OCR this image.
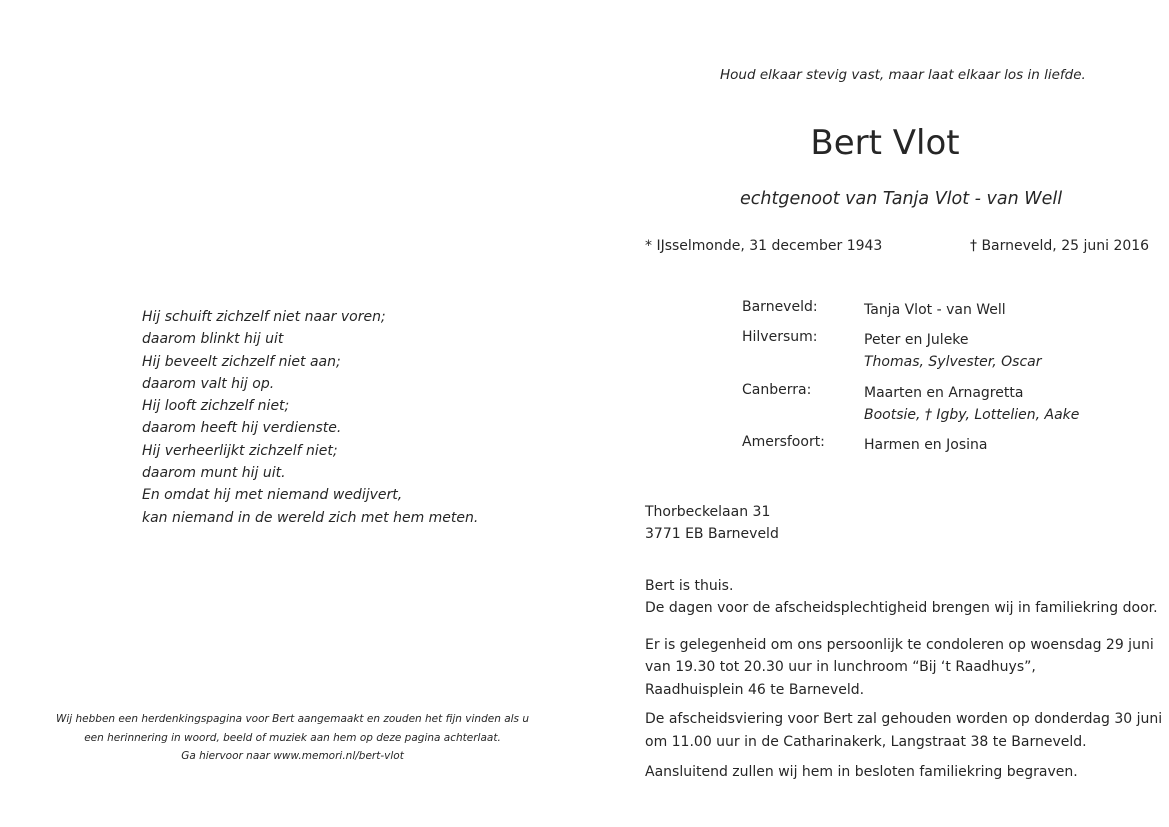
Hij schuift zichzelf niet naar voren;
daarom blinkt hij uit
Hij beveelt zichzelf niet aan;
daarom valt hij op.
Hij looft zichzelf niet;
daarom heeft hij verdienste.
Hij verheerlijkt zichzelf niet;
daarom munt hij uit.
En omdat hij met niemand wedijvert,
kan niemand in de wereld zich met hem meten.
Wij hebben een herdenkingspagina voor Bert aangemaakt en zouden het fijn vinden als u
een herinnering in woord, beeld of muziek aan hem op deze pagina achterlaat.
Ga hiervoor naar www.memori.nl/bert-vlot
Houd elkaar stevig vast, maar laat elkaar los in liefde.
Bert Vlot
echtgenoot van Tanja Vlot - van Well
* IJsselmonde, 31 december 1943	† Barneveld, 25 juni 2016
Barneveld:	Tanja Vlot - van Well
Hilversum:	Peter en Juleke
Thomas, Sylvester, Oscar
Canberra:	Maarten en Arnagretta
Bootsie, † Igby, Lottelien, Aake
Amersfoort:	Harmen en Josina
Thorbeckelaan 31
3771 EB Barneveld

Bert is thuis.
De dagen voor de afscheidsplechtigheid brengen wij in familiekring door.

Er is gelegenheid om ons persoonlijk te condoleren op woensdag 29 juni
van 19.30 tot 20.30 uur in lunchroom “Bij ‘t Raadhuys”,
Raadhuisplein 46 te Barneveld.
De afscheidsviering voor Bert zal gehouden worden op donderdag 30 juni
om 11.00 uur in de Catharinakerk, Langstraat 38 te Barneveld.
Aansluitend zullen wij hem in besloten familiekring begraven.
